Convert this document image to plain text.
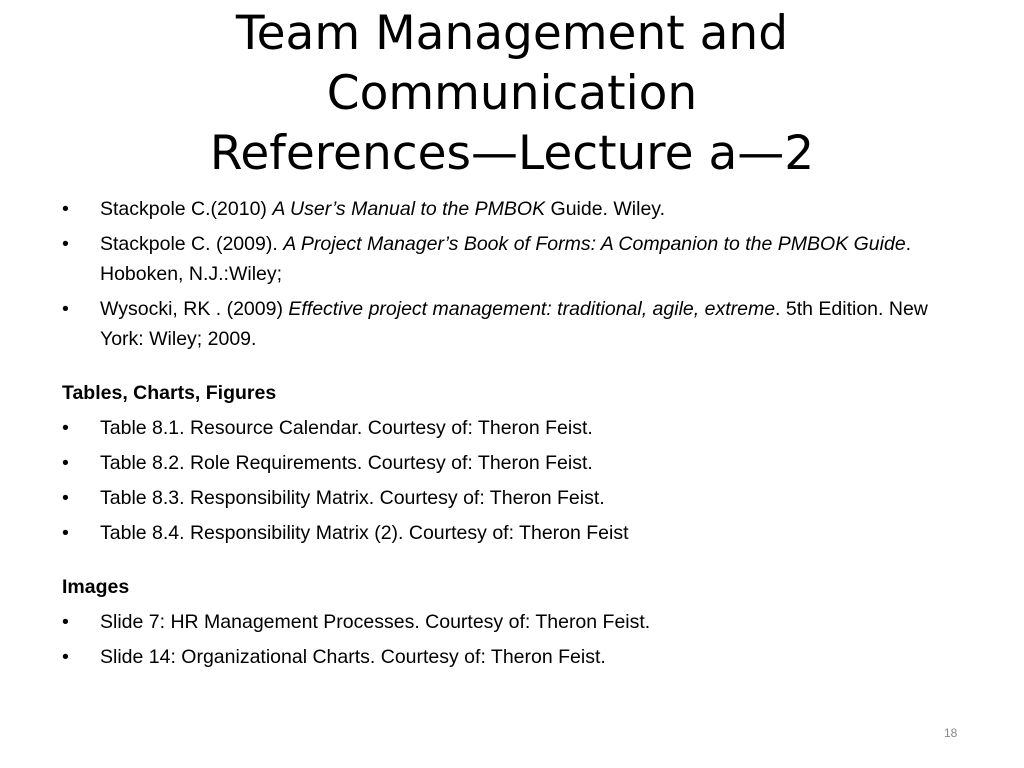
Team Management and
Communication
References—Lecture a—2
•	Stackpole C.(2010) A User’s Manual to the PMBOK Guide. Wiley.
•	Stackpole C. (2009). A Project Manager’s Book of Forms: A Companion to the PMBOK Guide. Hoboken, N.J.:Wiley;
•	Wysocki, RK . (2009) Effective project management: traditional, agile, extreme. 5th Edition. New York: Wiley; 2009.
Tables, Charts, Figures
•	Table 8.1. Resource Calendar. Courtesy of: Theron Feist.
•	Table 8.2. Role Requirements. Courtesy of: Theron Feist.
•	Table 8.3. Responsibility Matrix. Courtesy of: Theron Feist.
•	Table 8.4. Responsibility Matrix (2). Courtesy of: Theron Feist
Images
•	Slide 7: HR Management Processes. Courtesy of: Theron Feist.
•	Slide 14: Organizational Charts. Courtesy of: Theron Feist.
18
